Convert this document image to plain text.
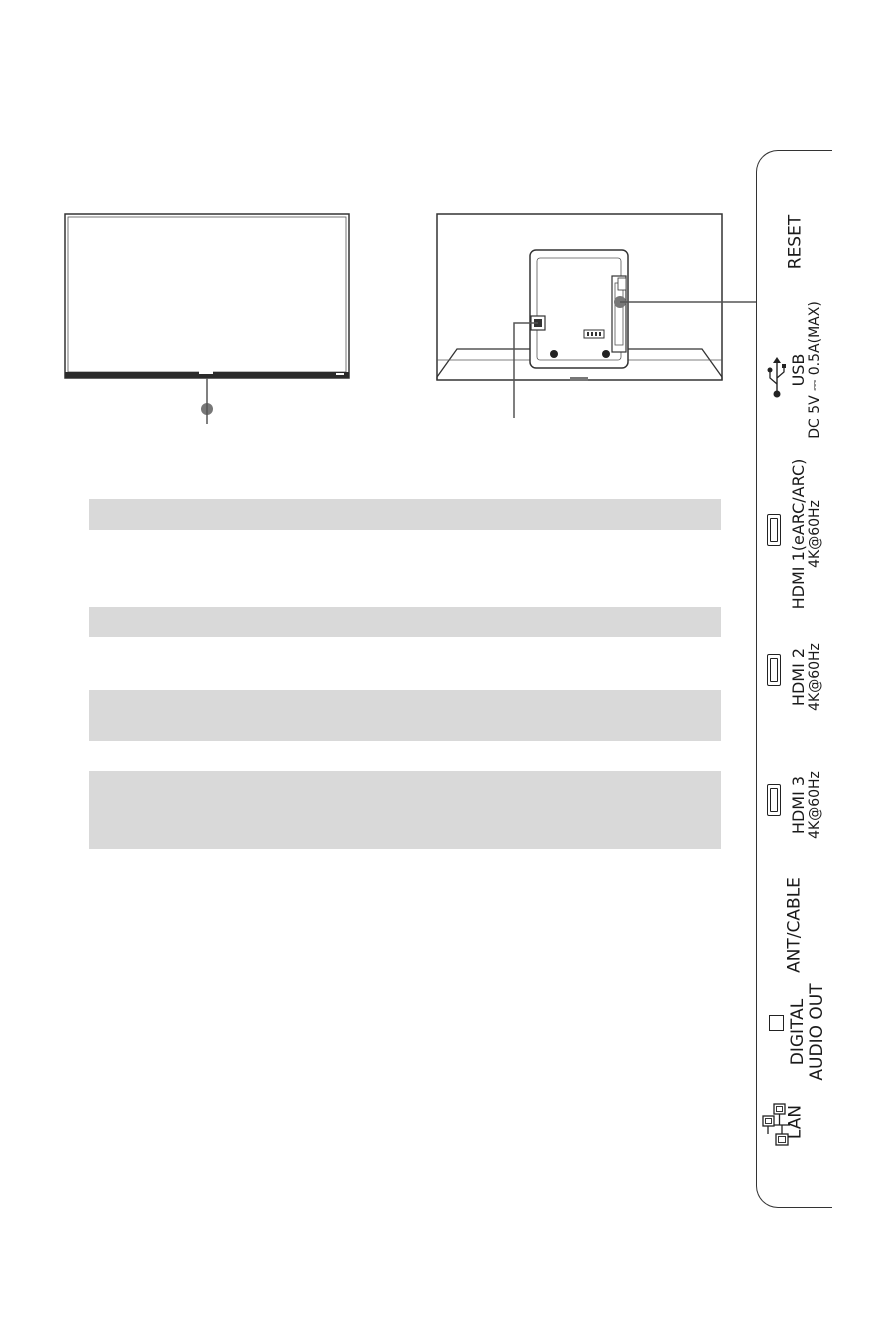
RESET
USB
DC 5V ⎓ 0.5A(MAX)
HDMI 1(eARC/ARC)
4K@60Hz
HDMI 2
4K@60Hz
HDMI 3
4K@60Hz
ANT/CABLE
DIGITAL AUDIO OUT
LAN
